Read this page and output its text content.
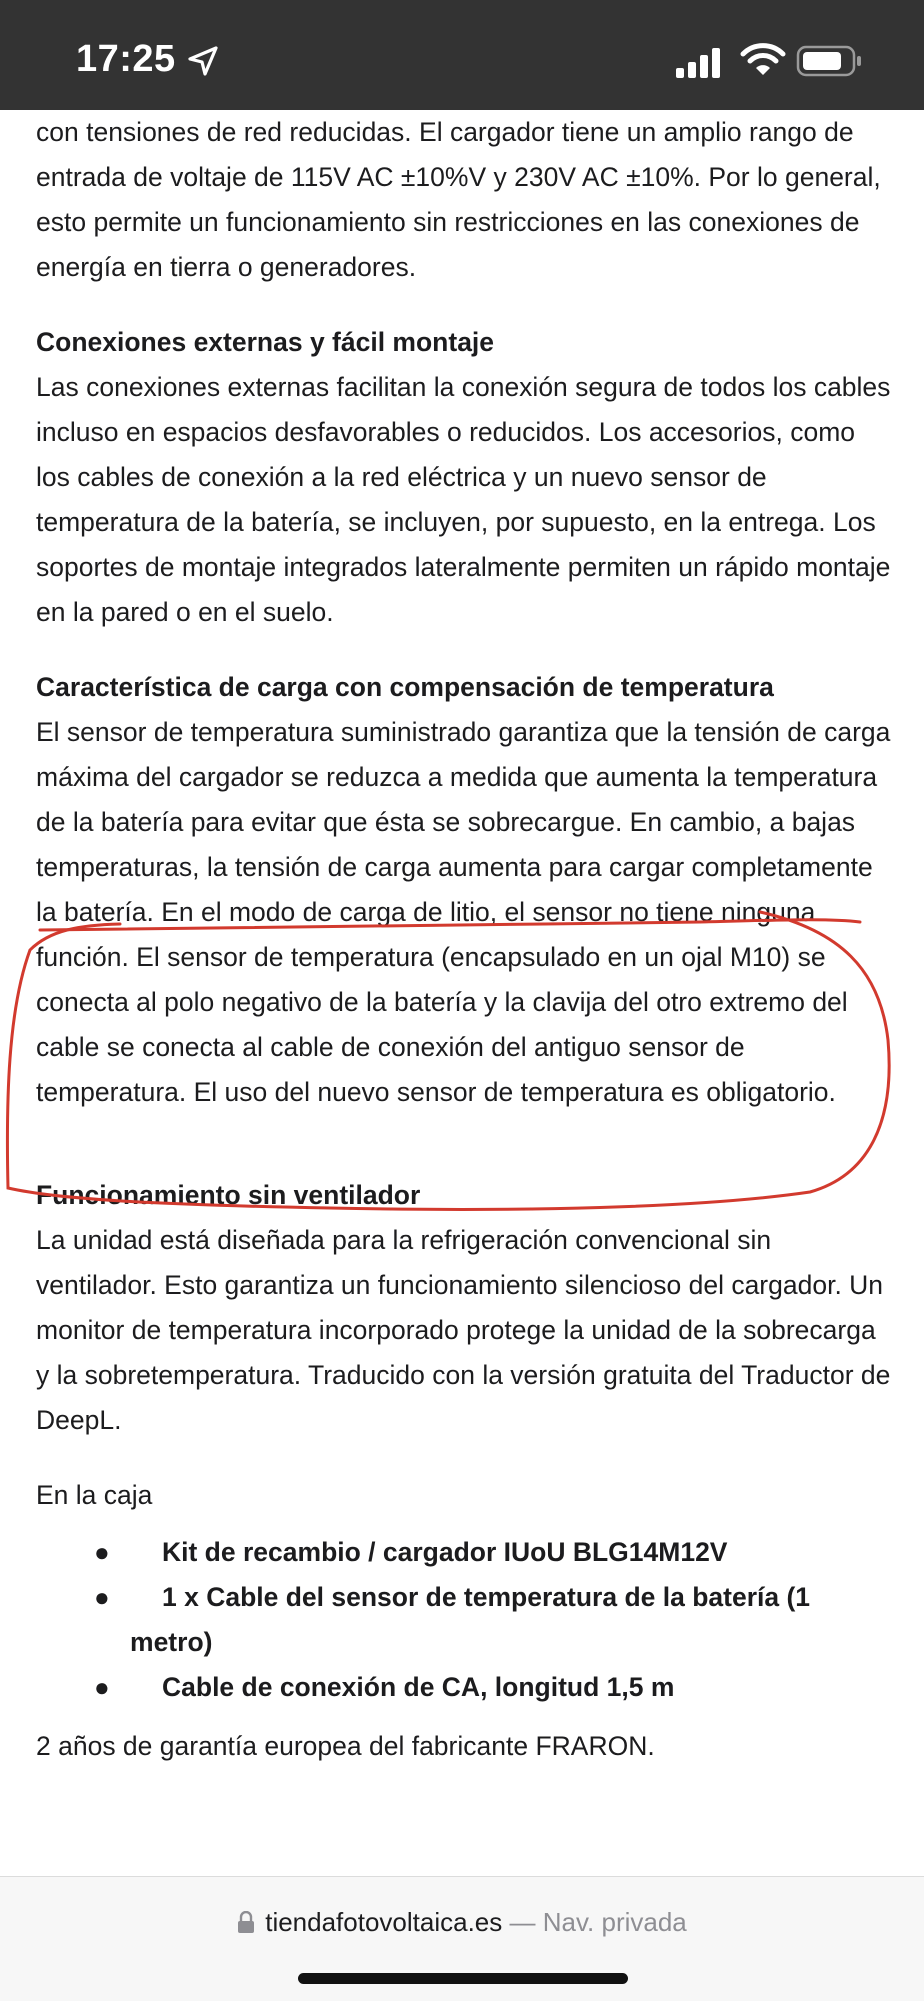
17:25

con tensiones de red reducidas. El cargador tiene un amplio rango de entrada de voltaje de 115V AC ±10%V y 230V AC ±10%. Por lo general, esto permite un funcionamiento sin restricciones en las conexiones de energía en tierra o generadores.

Conexiones externas y fácil montaje

Las conexiones externas facilitan la conexión segura de todos los cables incluso en espacios desfavorables o reducidos. Los accesorios, como los cables de conexión a la red eléctrica y un nuevo sensor de temperatura de la batería, se incluyen, por supuesto, en la entrega. Los soportes de montaje integrados lateralmente permiten un rápido montaje en la pared o en el suelo.

Característica de carga con compensación de temperatura

El sensor de temperatura suministrado garantiza que la tensión de carga máxima del cargador se reduzca a medida que aumenta la temperatura de la batería para evitar que ésta se sobrecargue. En cambio, a bajas temperaturas, la tensión de carga aumenta para cargar completamente la batería. En el modo de carga de litio, el sensor no tiene ninguna función. El sensor de temperatura (encapsulado en un ojal M10) se conecta al polo negativo de la batería y la clavija del otro extremo del cable se conecta al cable de conexión del antiguo sensor de temperatura. El uso del nuevo sensor de temperatura es obligatorio.

Funcionamiento sin ventilador

La unidad está diseñada para la refrigeración convencional sin ventilador. Esto garantiza un funcionamiento silencioso del cargador. Un monitor de temperatura incorporado protege la unidad de la sobrecarga y la sobretemperatura. Traducido con la versión gratuita del Traductor de DeepL.

En la caja

● Kit de recambio / cargador IUoU BLG14M12V
● 1 x Cable del sensor de temperatura de la batería (1 metro)
● Cable de conexión de CA, longitud 1,5 m

2 años de garantía europea del fabricante FRARON.

tiendafotovoltaica.es — Nav. privada
